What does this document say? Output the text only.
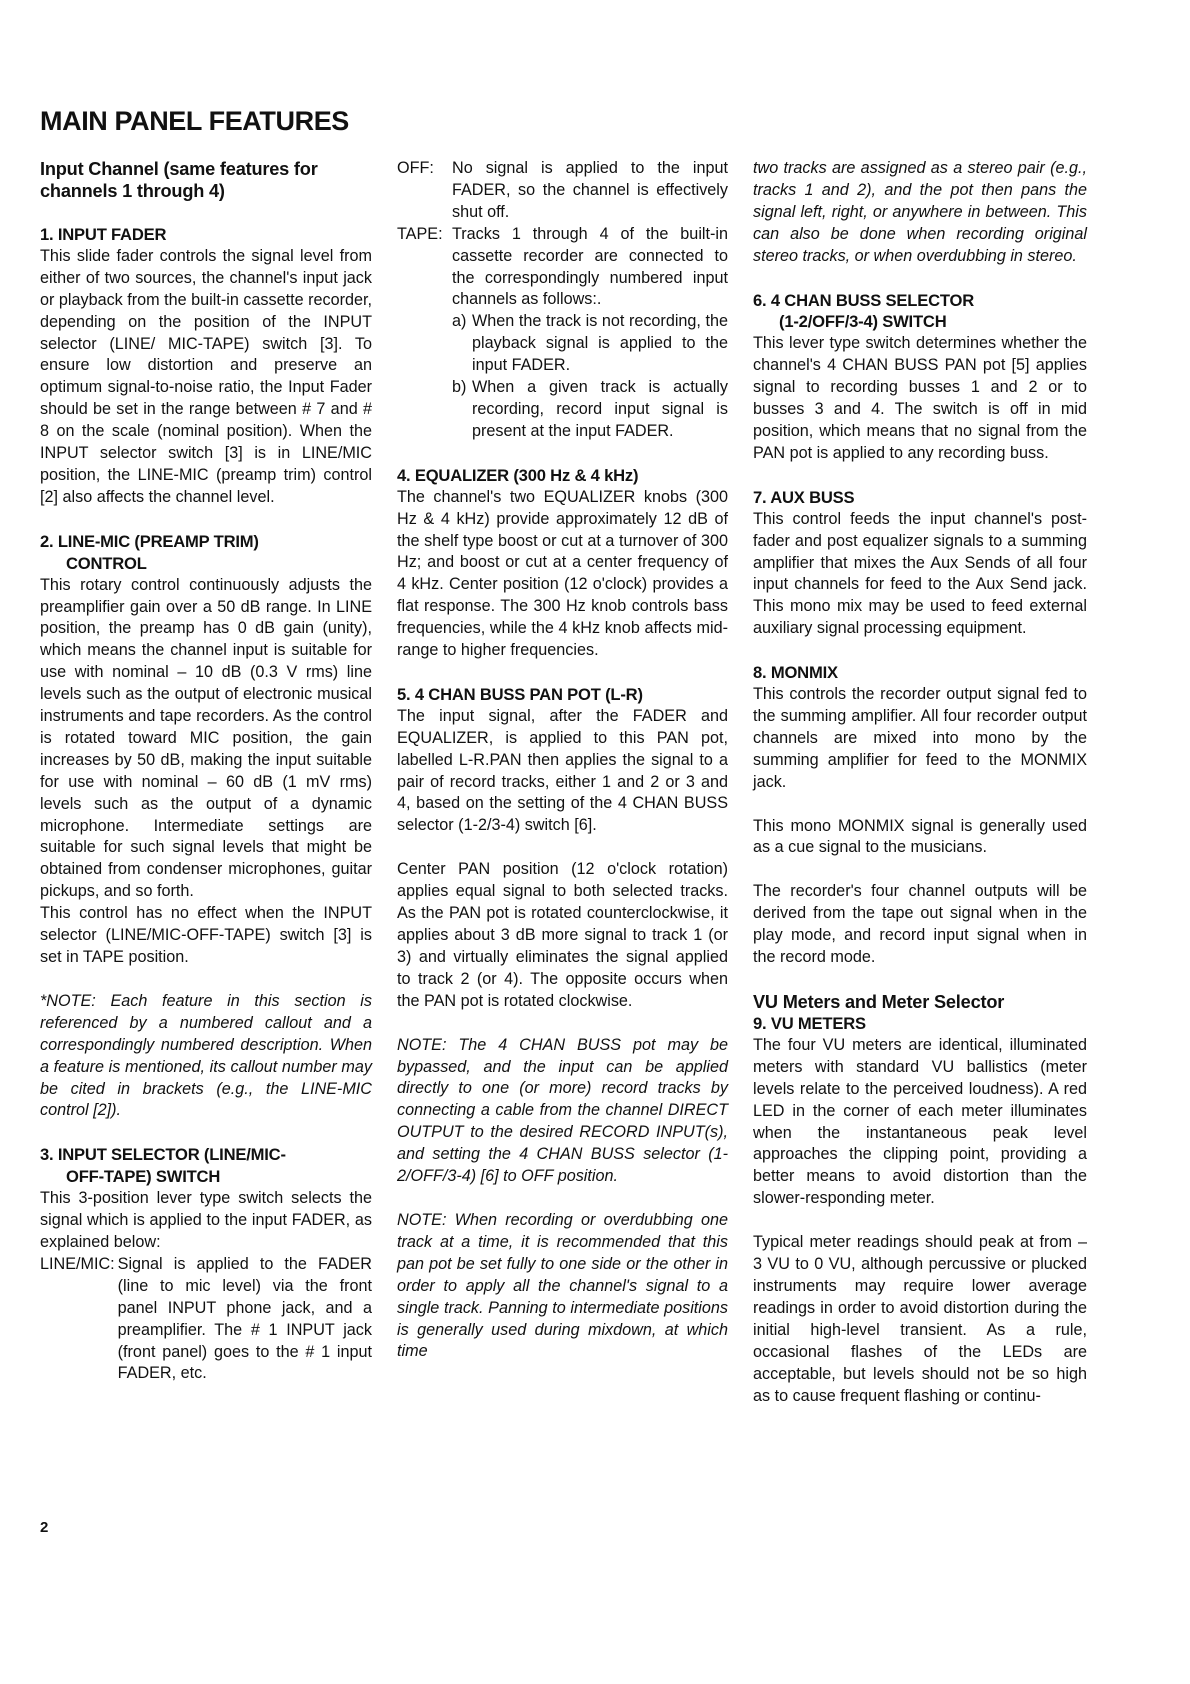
MAIN PANEL FEATURES
Input Channel (same features for
channels 1 through 4)
1. INPUT FADER

This slide fader controls the signal level from either of two sources, the channel's input jack or playback from the built-in cassette recorder, depending on the position of the INPUT selector (LINE/ MIC-TAPE) switch [3]. To ensure low distortion and preserve an optimum signal-to-noise ratio, the Input Fader should be set in the range between # 7 and # 8 on the scale (nominal position). When the INPUT selector switch [3] is in LINE/MIC position, the LINE-MIC (preamp trim) control [2] also affects the channel level.

2. LINE-MIC (PREAMP TRIM)
CONTROL

This rotary control continuously adjusts the preamplifier gain over a 50 dB range. In LINE position, the preamp has 0 dB gain (unity), which means the channel input is suitable for use with nominal – 10 dB (0.3 V rms) line levels such as the output of electronic musical instruments and tape recorders. As the control is rotated toward MIC position, the gain increases by 50 dB, making the input suitable for use with nominal – 60 dB (1 mV rms) levels such as the output of a dynamic microphone. Intermediate settings are suitable for such signal levels that might be obtained from condenser microphones, guitar pickups, and so forth.

This control has no effect when the INPUT selector (LINE/MIC-OFF-TAPE) switch [3] is set in TAPE position.

*NOTE: Each feature in this section is referenced by a numbered callout and a correspondingly numbered description. When a feature is mentioned, its callout number may be cited in brackets (e.g., the LINE-MIC control [2]).

3. INPUT SELECTOR (LINE/MIC-
OFF-TAPE) SWITCH

This 3-position lever type switch selects the signal which is applied to the input FADER, as explained below:

LINE/MIC: Signal is applied to the FADER (line to mic level) via the front panel INPUT phone jack, and a preamplifier. The # 1 INPUT jack (front panel) goes to the # 1 input FADER, etc.
OFF:	No signal is applied to the input FADER, so the channel is effectively shut off.
TAPE: Tracks 1 through 4 of the built-in cassette recorder are connected to the correspondingly numbered input channels as follows:.
a) When the track is not recording, the playback signal is applied to the input FADER.
b) When a given track is actually recording, record input signal is present at the input FADER.
4. EQUALIZER (300 Hz & 4 kHz)

The channel's two EQUALIZER knobs (300 Hz & 4 kHz) provide approximately 12 dB of the shelf type boost or cut at a turnover of 300 Hz; and boost or cut at a center frequency of 4 kHz. Center position (12 o'clock) provides a flat response. The 300 Hz knob controls bass frequencies, while the 4 kHz knob affects mid-range to higher frequencies.

5. 4 CHAN BUSS PAN POT (L-R)

The input signal, after the FADER and EQUALIZER, is applied to this PAN pot, labelled L-R.PAN then applies the signal to a pair of record tracks, either 1 and 2 or 3 and 4, based on the setting of the 4 CHAN BUSS selector (1-2/3-4) switch [6].

Center PAN position (12 o'clock rotation) applies equal signal to both selected tracks. As the PAN pot is rotated counterclockwise, it applies about 3 dB more signal to track 1 (or 3) and virtually eliminates the signal applied to track 2 (or 4). The opposite occurs when the PAN pot is rotated clockwise.

NOTE: The 4 CHAN BUSS pot may be bypassed, and the input can be applied directly to one (or more) record tracks by connecting a cable from the channel DIRECT OUTPUT to the desired RECORD INPUT(s), and setting the 4 CHAN BUSS selector (1-2/OFF/3-4) [6] to OFF position.

NOTE: When recording or overdubbing one track at a time, it is recommended that this pan pot be set fully to one side or the other in order to apply all the channel's signal to a single track. Panning to intermediate positions is generally used during mixdown, at which time

two tracks are assigned as a stereo pair (e.g., tracks 1 and 2), and the pot then pans the signal left, right, or anywhere in between. This can also be done when recording original stereo tracks, or when overdubbing in stereo.

6. 4 CHAN BUSS SELECTOR
(1-2/OFF/3-4) SWITCH

This lever type switch determines whether the channel's 4 CHAN BUSS PAN pot [5] applies signal to recording busses 1 and 2 or to busses 3 and 4. The switch is off in mid position, which means that no signal from the PAN pot is applied to any recording buss.

7. AUX BUSS

This control feeds the input channel's post-fader and post equalizer signals to a summing amplifier that mixes the Aux Sends of all four input channels for feed to the Aux Send jack. This mono mix may be used to feed external auxiliary signal processing equipment.

8. MONMIX

This controls the recorder output signal fed to the summing amplifier. All four recorder output channels are mixed into mono by the summing amplifier for feed to the MONMIX jack.

This mono MONMIX signal is generally used as a cue signal to the musicians.

The recorder's four channel outputs will be derived from the tape out signal when in the play mode, and record input signal when in the record mode.

VU Meters and Meter Selector
9. VU METERS

The four VU meters are identical, illuminated meters with standard VU ballistics (meter levels relate to the perceived loudness). A red LED in the corner of each meter illuminates when the instantaneous peak level approaches the clipping point, providing a better means to avoid distortion than the slower-responding meter.

Typical meter readings should peak at from – 3 VU to 0 VU, although percussive or plucked instruments may require lower average readings in order to avoid distortion during the initial high-level transient. As a rule, occasional flashes of the LEDs are acceptable, but levels should not be so high as to cause frequent flashing or continu-

2
